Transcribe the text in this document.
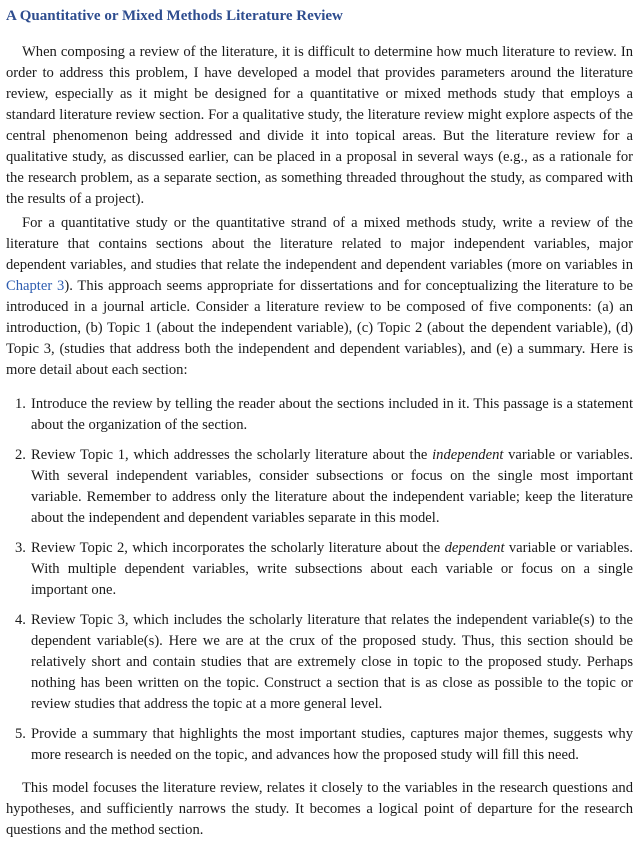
A Quantitative or Mixed Methods Literature Review

When composing a review of the literature, it is difficult to determine how much literature to review. In order to address this problem, I have developed a model that provides parameters around the literature review, especially as it might be designed for a quantitative or mixed methods study that employs a standard literature review section. For a qualitative study, the literature review might explore aspects of the central phenomenon being addressed and divide it into topical areas. But the literature review for a qualitative study, as discussed earlier, can be placed in a proposal in several ways (e.g., as a rationale for the research problem, as a separate section, as something threaded throughout the study, as compared with the results of a project).

For a quantitative study or the quantitative strand of a mixed methods study, write a review of the literature that contains sections about the literature related to major independent variables, major dependent variables, and studies that relate the independent and dependent variables (more on variables in Chapter 3). This approach seems appropriate for dissertations and for conceptualizing the literature to be introduced in a journal article. Consider a literature review to be composed of five components: (a) an introduction, (b) Topic 1 (about the independent variable), (c) Topic 2 (about the dependent variable), (d) Topic 3, (studies that address both the independent and dependent variables), and (e) a summary. Here is more detail about each section:

1. Introduce the review by telling the reader about the sections included in it. This passage is a statement about the organization of the section.
2. Review Topic 1, which addresses the scholarly literature about the independent variable or variables. With several independent variables, consider subsections or focus on the single most important variable. Remember to address only the literature about the independent variable; keep the literature about the independent and dependent variables separate in this model.
3. Review Topic 2, which incorporates the scholarly literature about the dependent variable or variables. With multiple dependent variables, write subsections about each variable or focus on a single important one.
4. Review Topic 3, which includes the scholarly literature that relates the independent variable(s) to the dependent variable(s). Here we are at the crux of the proposed study. Thus, this section should be relatively short and contain studies that are extremely close in topic to the proposed study. Perhaps nothing has been written on the topic. Construct a section that is as close as possible to the topic or review studies that address the topic at a more general level.
5. Provide a summary that highlights the most important studies, captures major themes, suggests why more research is needed on the topic, and advances how the proposed study will fill this need.

This model focuses the literature review, relates it closely to the variables in the research questions and hypotheses, and sufficiently narrows the study. It becomes a logical point of departure for the research questions and the method section.
